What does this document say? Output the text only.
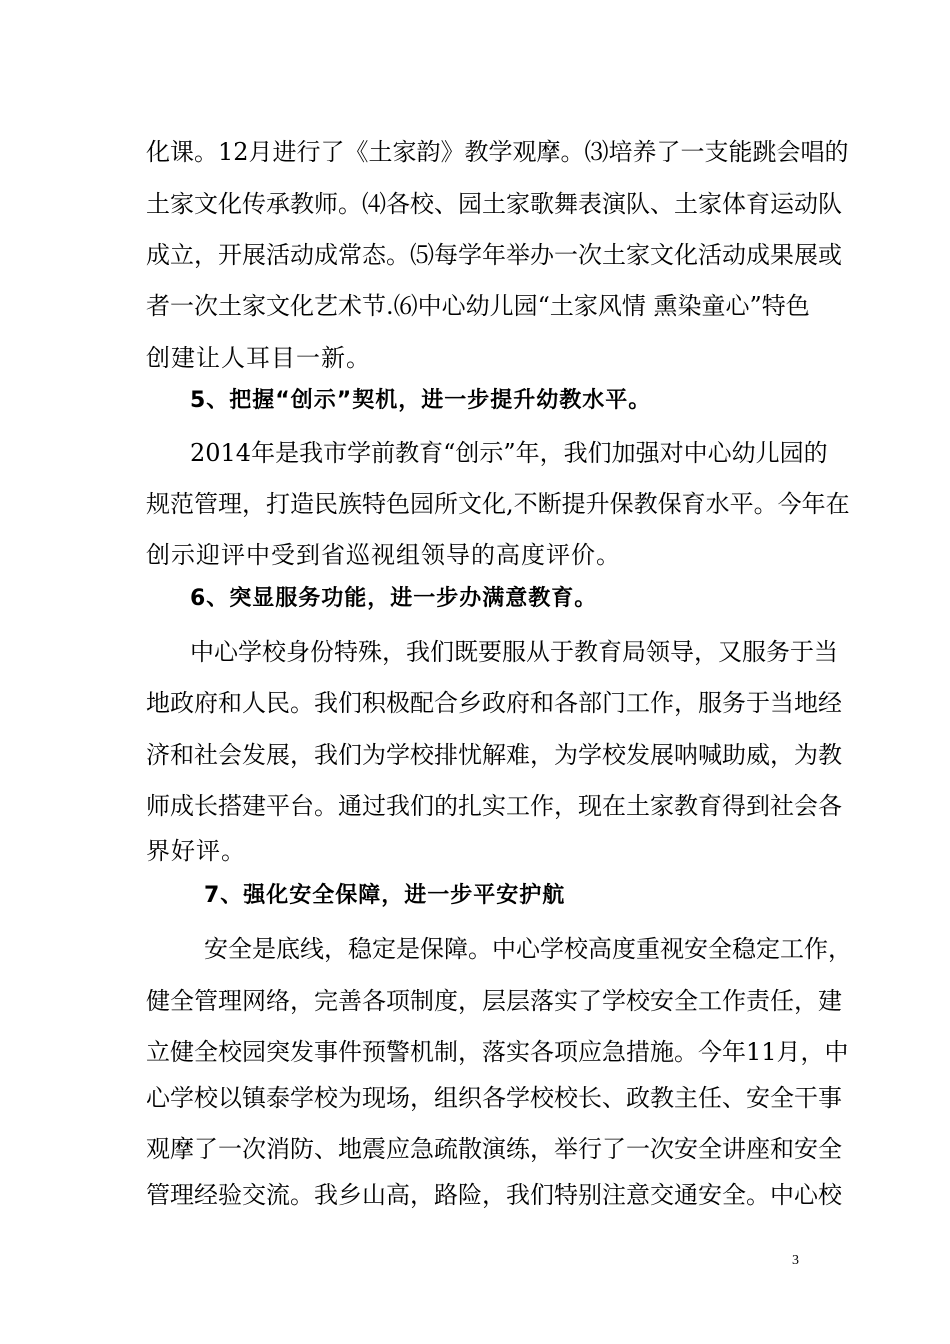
化课。12月进行了《土家韵》教学观摩。⑶培养了一支能跳会唱的
土家文化传承教师。⑷各校、园土家歌舞表演队、土家体育运动队
成立，开展活动成常态。⑸每学年举办一次土家文化活动成果展或
者一次土家文化艺术节.⑹中心幼儿园“土家风情 熏染童心”特色
创建让人耳目一新。
5、把握“创示”契机，进一步提升幼教水平。
2014年是我市学前教育“创示”年，我们加强对中心幼儿园的
规范管理，打造民族特色园所文化,不断提升保教保育水平。今年在
创示迎评中受到省巡视组领导的高度评价。
6、突显服务功能，进一步办满意教育。
中心学校身份特殊，我们既要服从于教育局领导，又服务于当
地政府和人民。我们积极配合乡政府和各部门工作，服务于当地经
济和社会发展，我们为学校排忧解难，为学校发展呐喊助威，为教
师成长搭建平台。通过我们的扎实工作，现在土家教育得到社会各
界好评。
7、强化安全保障，进一步平安护航
安全是底线，稳定是保障。中心学校高度重视安全稳定工作，
健全管理网络，完善各项制度，层层落实了学校安全工作责任，建
立健全校园突发事件预警机制，落实各项应急措施。今年11月，中
心学校以镇泰学校为现场，组织各学校校长、政教主任、安全干事
观摩了一次消防、地震应急疏散演练，举行了一次安全讲座和安全
管理经验交流。我乡山高，路险，我们特别注意交通安全。中心校
3
